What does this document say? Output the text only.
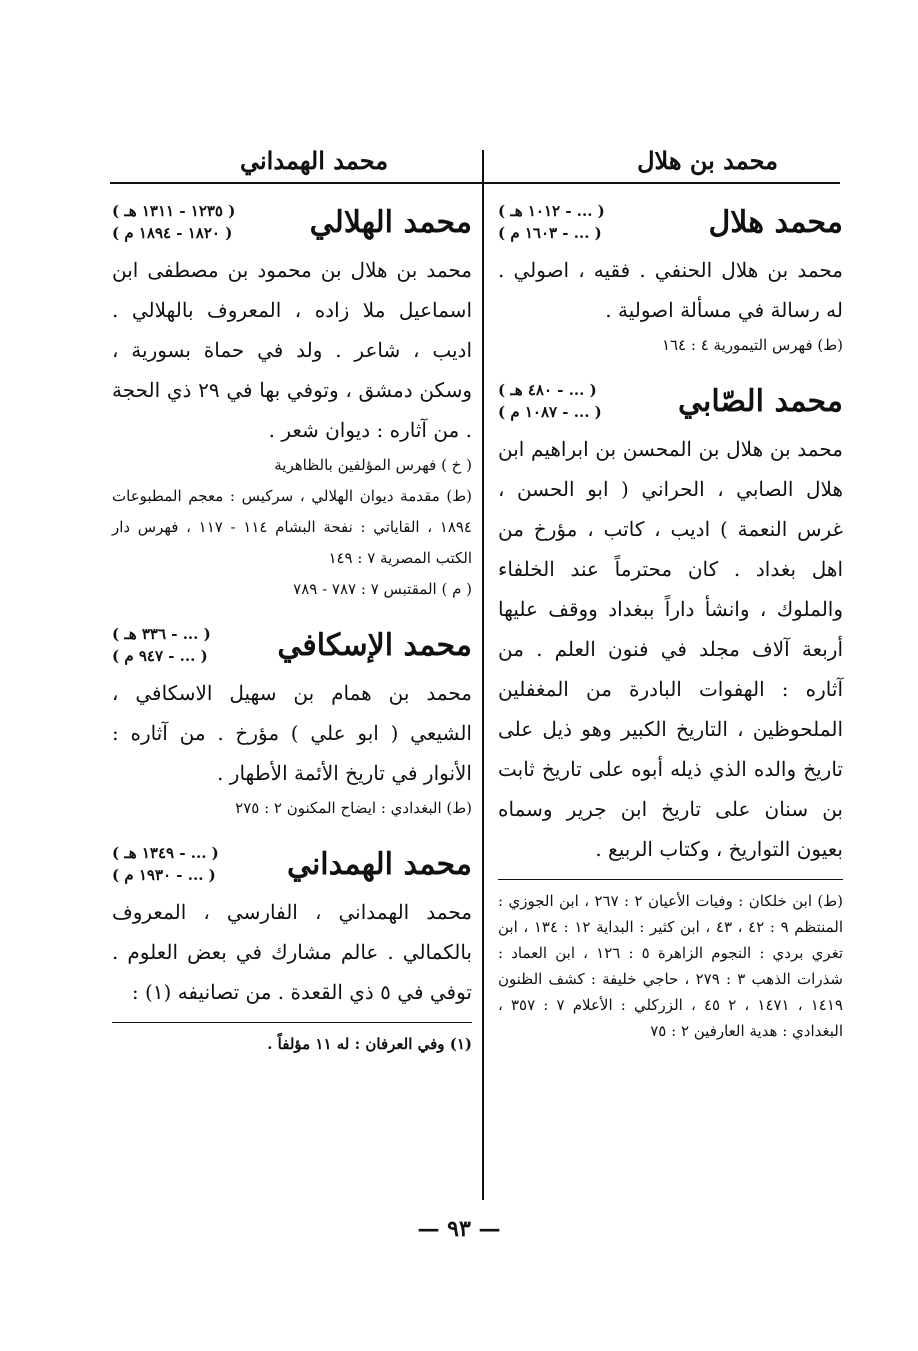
محمد بن هلال
محمد الهمداني
محمد هلال
( ... - ١٠١٢ هـ )
( ... - ١٦٠٣ م )

محمد بن هلال الحنفي . فقيه ، اصولي . له رسالة في مسألة اصولية .

(ط) فهرس التيمورية ٤ : ١٦٤

محمد الصّابي
( ... - ٤٨٠ هـ )
( ... - ١٠٨٧ م )

محمد بن هلال بن المحسن بن ابراهيم ابن هلال الصابي ، الحراني ( ابو الحسن ، غرس النعمة ) اديب ، كاتب ، مؤرخ من اهل بغداد . كان محترماً عند الخلفاء والملوك ، وانشأ داراً ببغداد ووقف عليها أربعة آلاف مجلد في فنون العلم . من آثاره : الهفوات البادرة من المغفلين الملحوظين ، التاريخ الكبير وهو ذيل على تاريخ والده الذي ذيله أبوه على تاريخ ثابت بن سنان على تاريخ ابن جرير وسماه بعيون التواريخ ، وكتاب الربيع .

(ط) ابن خلكان : وفيات الأعيان ٢ : ٢٦٧ ، ابن الجوزي : المنتظم ٩ : ٤٢ ، ٤٣ ، ابن كثير : البداية ١٢ : ١٣٤ ، ابن تغري بردي : النجوم الزاهرة ٥ : ١٢٦ ، ابن العماد : شذرات الذهب ٣ : ٢٧٩ ، حاجي خليفة : كشف الظنون ١٤١٩ ، ١٤٧١ ، ٢ ٤٥ ، الزركلي : الأعلام ٧ : ٣٥٧ ، البغدادي : هدية العارفين ٢ : ٧٥

محمد الهلالي
( ١٢٣٥ - ١٣١١ هـ )
( ١٨٢٠ - ١٨٩٤ م )

محمد بن هلال بن محمود بن مصطفى ابن اسماعيل ملا زاده ، المعروف بالهلالي . اديب ، شاعر . ولد في حماة بسورية ، وسكن دمشق ، وتوفي بها في ٢٩ ذي الحجة . من آثاره : ديوان شعر .

( خ ) فهرس المؤلفين بالظاهرية

(ط) مقدمة ديوان الهلالي ، سركيس : معجم المطبوعات ١٨٩٤ ، القاياتي : نفحة البشام ١١٤ - ١١٧ ، فهرس دار الكتب المصرية ٧ : ١٤٩

( م ) المقتبس ٧ : ٧٨٧ - ٧٨٩

محمد الإسكافي
( ... - ٣٣٦ هـ )
( ... - ٩٤٧ م )

محمد بن همام بن سهيل الاسكافي ، الشيعي ( ابو علي ) مؤرخ . من آثاره : الأنوار في تاريخ الأئمة الأطهار .

(ط) البغدادي : ايضاح المكنون ٢ : ٢٧٥

محمد الهمداني
( ... - ١٣٤٩ هـ )
( ... - ١٩٣٠ م )

محمد الهمداني ، الفارسي ، المعروف بالكمالي . عالم مشارك في بعض العلوم . توفي في ٥ ذي القعدة . من تصانيفه (١) :

(١) وفي العرفان : له ١١ مؤلفاً .
— ٩٣ —
